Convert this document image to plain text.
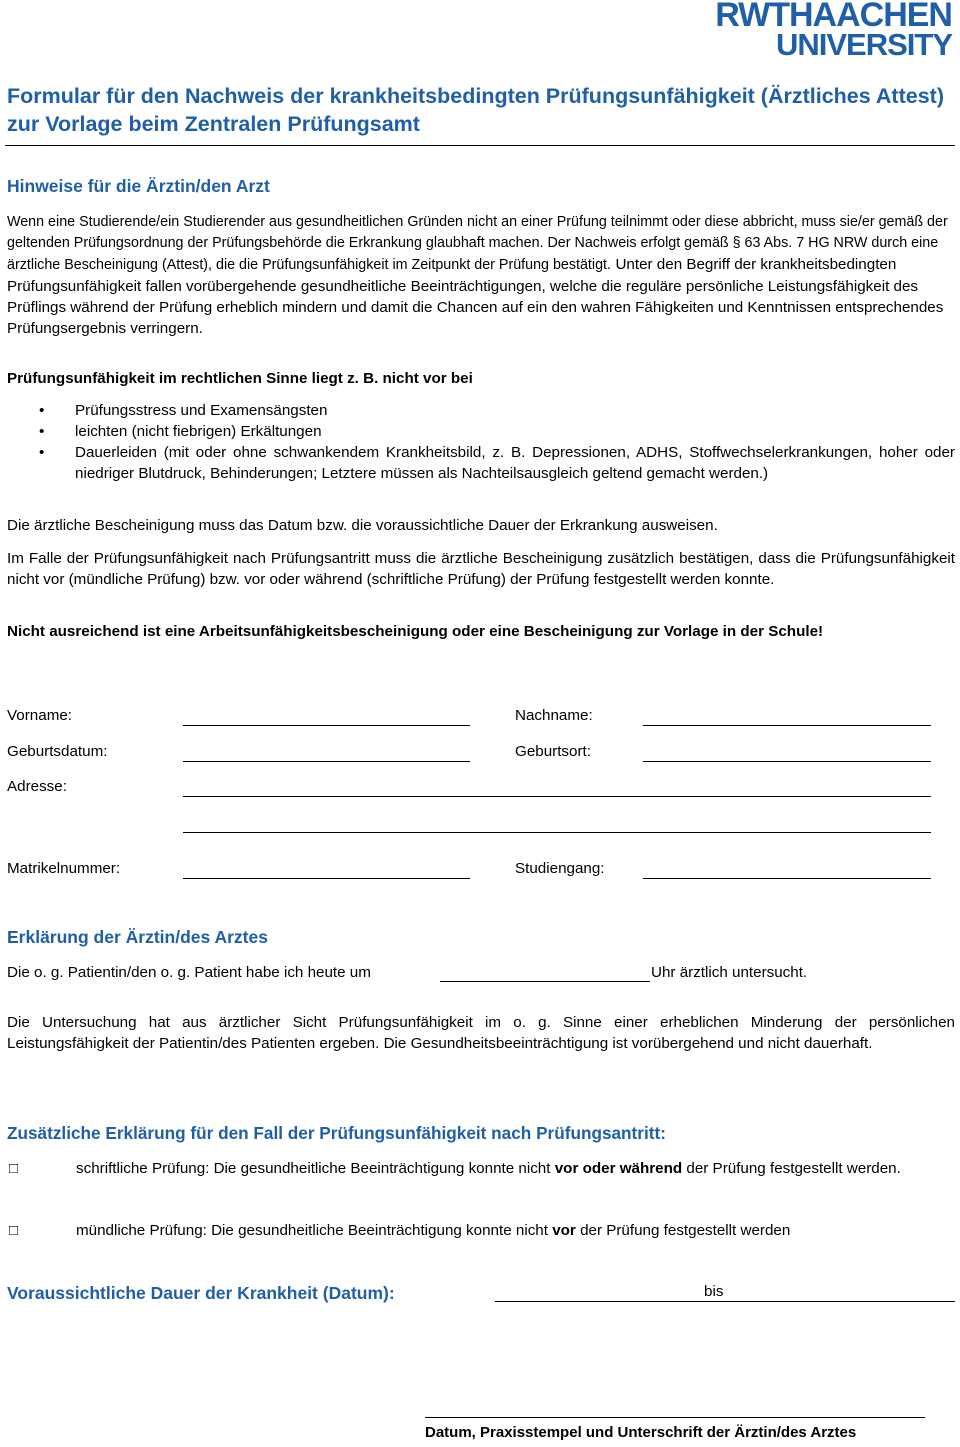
RWTHAACHEN
UNIVERSITY
Formular für den Nachweis der krankheitsbedingten Prüfungsunfähigkeit (Ärztliches Attest) zur Vorlage beim Zentralen Prüfungsamt
Hinweise für die Ärztin/den Arzt
Wenn eine Studierende/ein Studierender aus gesundheitlichen Gründen nicht an einer Prüfung teilnimmt oder diese abbricht, muss sie/er gemäß der geltenden Prüfungsordnung der Prüfungsbehörde die Erkrankung glaubhaft machen. Der Nachweis erfolgt gemäß § 63 Abs. 7 HG NRW durch eine ärztliche Bescheinigung (Attest), die die Prüfungsunfähigkeit im Zeitpunkt der Prüfung bestätigt. Unter den Begriff der krankheitsbedingten Prüfungsunfähigkeit fallen vorübergehende gesundheitliche Beeinträchtigungen, welche die reguläre persönliche Leistungsfähigkeit des Prüflings während der Prüfung erheblich mindern und damit die Chancen auf ein den wahren Fähigkeiten und Kenntnissen entsprechendes Prüfungsergebnis verringern.
Prüfungsunfähigkeit im rechtlichen Sinne liegt z. B. nicht vor bei
•	Prüfungsstress und Examensängsten
•	leichten (nicht fiebrigen) Erkältungen
•	Dauerleiden (mit oder ohne schwankendem Krankheitsbild, z. B. Depressionen, ADHS, Stoffwechselerkrankungen, hoher oder niedriger Blutdruck, Behinderungen; Letztere müssen als Nachteilsausgleich geltend gemacht werden.)
Die ärztliche Bescheinigung muss das Datum bzw. die voraussichtliche Dauer der Erkrankung ausweisen.
Im Falle der Prüfungsunfähigkeit nach Prüfungsantritt muss die ärztliche Bescheinigung zusätzlich bestätigen, dass die Prüfungsunfähigkeit nicht vor (mündliche Prüfung) bzw. vor oder während (schriftliche Prüfung) der Prüfung festgestellt werden konnte.
Nicht ausreichend ist eine Arbeitsunfähigkeitsbescheinigung oder eine Bescheinigung zur Vorlage in der Schule!
Vorname:	Nachname:
Geburtsdatum:	Geburtsort:
Adresse:
Matrikelnummer:	Studiengang:
Erklärung der Ärztin/des Arztes
Die o. g. Patientin/den o. g. Patient habe ich heute um	Uhr ärztlich untersucht.
Die Untersuchung hat aus ärztlicher Sicht Prüfungsunfähigkeit im o. g. Sinne einer erheblichen Minderung der persönlichen Leistungsfähigkeit der Patientin/des Patienten ergeben. Die Gesundheitsbeeinträchtigung ist vorübergehend und nicht dauerhaft.
Zusätzliche Erklärung für den Fall der Prüfungsunfähigkeit nach Prüfungsantritt:
□	schriftliche Prüfung: Die gesundheitliche Beeinträchtigung konnte nicht vor oder während der Prüfung festgestellt werden.
□	mündliche Prüfung: Die gesundheitliche Beeinträchtigung konnte nicht vor der Prüfung festgestellt werden
Voraussichtliche Dauer der Krankheit (Datum):	bis
Datum, Praxisstempel und Unterschrift der Ärztin/des Arztes
